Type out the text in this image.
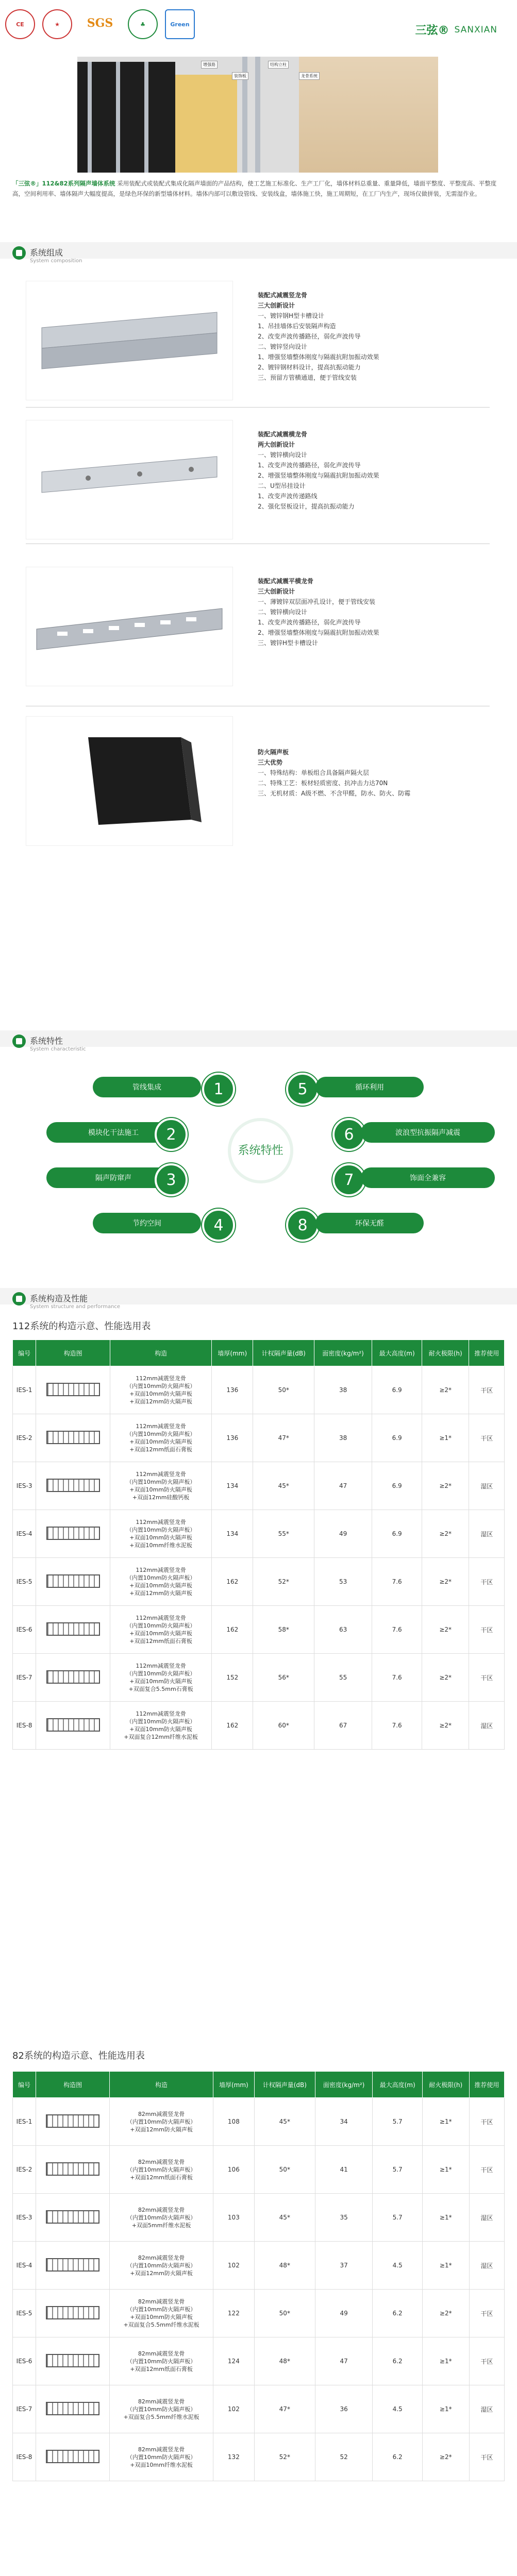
CE	★	SGS	♣	Green	三弦® SANXIAN
增强筋
装饰板
结构立柱
龙骨系统
「三弦®」112&82系列隔声墙体系统 采用装配式或装配式集成化隔声墙面的产品结构，使工艺施工标准化、生产工厂化，墙体材料总重量、重量降低，墙面平整度、平整度高、平整度高，空间利用率、墙体隔声大幅度提高，是绿色环保的新型墙体材料。墙体内部可以敷设管线、安装线盒，墙体施工快，施工周期短，在工厂内生产，现场仅做拼装，无需湿作业。
系统组成
System composition
装配式减震竖龙骨
三大创新设计
一、镀锌钢H型卡槽设计
1、吊挂墙体后安装隔声构造
2、改变声波传播路径，弱化声波传导
二、镀锌竖向设计
1、增强竖墙整体刚度与隔震抗附加振动效果
2、镀锌钢材料设计，提高抗振动能力
三、预留方管横通道，便于管线安装
装配式减震横龙骨
两大创新设计
一、镀锌横向设计
1、改变声波传播路径，弱化声波传导
2、增强竖墙整体刚度与隔震抗附加振动效果
二、U型吊挂设计
1、改变声波传递路线
2、强化竖板设计，提高抗振动能力
装配式减震平横龙骨
三大创新设计
一、薄镀锌双层面冲孔设计，便于管线安装
二、镀锌横向设计
1、改变声波传播路径，弱化声波传导
2、增强竖墙整体刚度与隔震抗附加振动效果
三、镀锌H型卡槽设计
防火隔声板
三大优势
一、特殊结构：单板组合具备隔声隔火层
二、特殊工艺：板材轻质密度、抗冲击力达70N
三、无机材质：A级不燃、不含甲醛，防水、防火、防霉
系统特性
System characteristic
管线集成	1
模块化干法施工	2
隔声防窜声	3
节约空间	4
系统特性
5	循环利用
6	波浪型抗振隔声减震
7	饰面全兼容
8	环保无醛
系统构造及性能
System structure and performance
112系统的构造示意、性能选用表
编号	构造图	构造	墙厚(mm)	计权隔声量(dB)	面密度(kg/m²)	最大高度(m)	耐火极限(h)	推荐使用
IES-1		112mm减震竖龙骨
（内置10mm防火隔声板）
+双面10mm防火隔声板
+双面12mm防火隔声板	136	50*	38	6.9	≥2*	干区
IES-2		112mm减震竖龙骨
（内置10mm防火隔声板）
+双面10mm防火隔声板
+双面12mm纸面石膏板	136	47*	38	6.9	≥1*	干区
IES-3		112mm减震竖龙骨
（内置10mm防火隔声板）
+双面10mm防火隔声板
+双面12mm硅酸钙板	134	45*	47	6.9	≥2*	湿区
IES-4		112mm减震竖龙骨
（内置10mm防火隔声板）
+双面10mm防火隔声板
+双面10mm纤维水泥板	134	55*	49	6.9	≥2*	湿区
IES-5		112mm减震竖龙骨
（内置10mm防火隔声板）
+双面10mm防火隔声板
+双面12mm防火隔声板	162	52*	53	7.6	≥2*	干区
IES-6		112mm减震竖龙骨
（内置10mm防火隔声板）
+双面10mm防火隔声板
+双面12mm纸面石膏板	162	58*	63	7.6	≥2*	干区
IES-7		112mm减震竖龙骨
（内置10mm防火隔声板）
+双面10mm防火隔声板
+双面复合5.5mm石膏板	152	56*	55	7.6	≥2*	干区
IES-8		112mm减震竖龙骨
（内置10mm防火隔声板）
+双面10mm防火隔声板
+双面复合12mm纤维水泥板	162	60*	67	7.6	≥2*	湿区
82系统的构造示意、性能选用表
编号	构造图	构造	墙厚(mm)	计权隔声量(dB)	面密度(kg/m²)	最大高度(m)	耐火极限(h)	推荐使用
IES-1		82mm减震竖龙骨
（内置10mm防火隔声板）
+双面12mm防火隔声板	108	45*	34	5.7	≥1*	干区
IES-2		82mm减震竖龙骨
（内置10mm防火隔声板）
+双面12mm纸面石膏板	106	50*	41	5.7	≥1*	干区
IES-3		82mm减震竖龙骨
（内置10mm防火隔声板）
+双面5mm纤维水泥板	103	45*	35	5.7	≥1*	湿区
IES-4		82mm减震竖龙骨
（内置10mm防火隔声板）
+双面12mm防火隔声板	102	48*	37	4.5	≥1*	湿区
IES-5		82mm减震竖龙骨
（内置10mm防火隔声板）
+双面10mm防火隔声板
+双面复合5.5mm纤维水泥板	122	50*	49	6.2	≥2*	干区
IES-6		82mm减震竖龙骨
（内置10mm防火隔声板）
+双面12mm纸面石膏板	124	48*	47	6.2	≥1*	干区
IES-7		82mm减震竖龙骨
（内置10mm防火隔声板）
+双面复合5.5mm纤维水泥板	102	47*	36	4.5	≥1*	湿区
IES-8		82mm减震竖龙骨
（内置10mm防火隔声板）
+双面10mm纤维水泥板	132	52*	52	6.2	≥2*	干区
